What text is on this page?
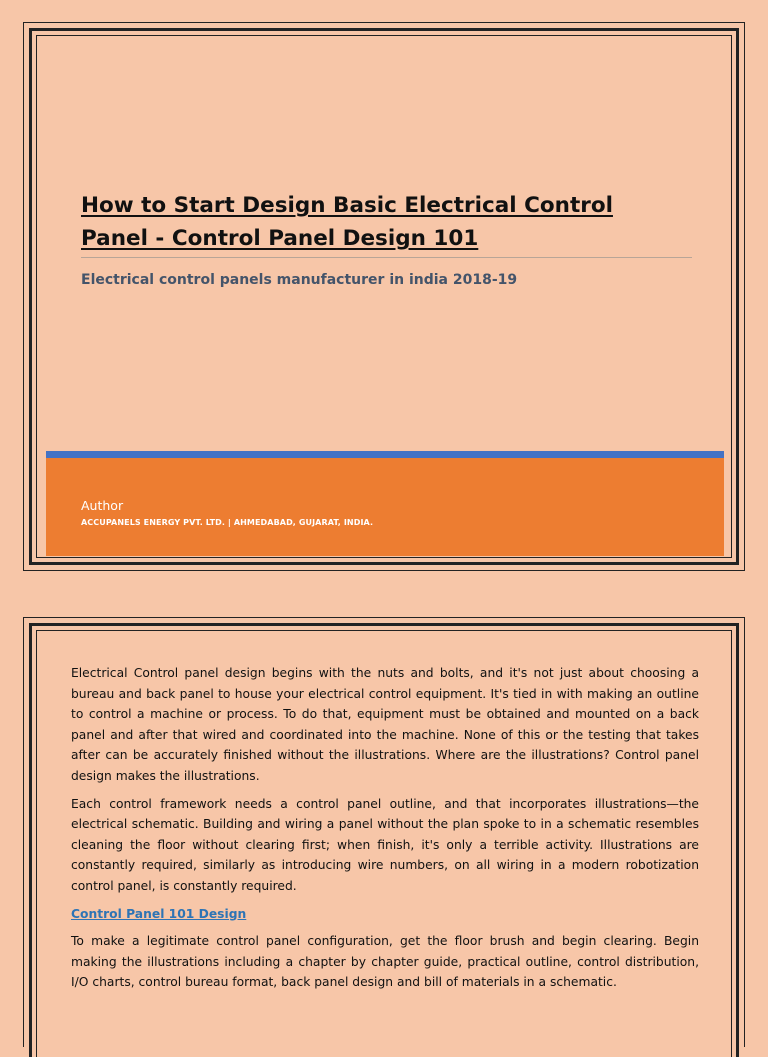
How to Start Design Basic Electrical Control Panel - Control Panel Design 101
Electrical control panels manufacturer in india 2018-19
Author
ACCUPANELS ENERGY PVT. LTD. | AHMEDABAD, GUJARAT, INDIA.

Electrical Control panel design begins with the nuts and bolts, and it's not just about choosing a bureau and back panel to house your electrical control equipment. It's tied in with making an outline to control a machine or process. To do that, equipment must be obtained and mounted on a back panel and after that wired and coordinated into the machine. None of this or the testing that takes after can be accurately finished without the illustrations. Where are the illustrations? Control panel design makes the illustrations.

Each control framework needs a control panel outline, and that incorporates illustrations—the electrical schematic. Building and wiring a panel without the plan spoke to in a schematic resembles cleaning the floor without clearing first; when finish, it's only a terrible activity. Illustrations are constantly required, similarly as introducing wire numbers, on all wiring in a modern robotization control panel, is constantly required.

Control Panel 101 Design

To make a legitimate control panel configuration, get the floor brush and begin clearing. Begin making the illustrations including a chapter by chapter guide, practical outline, control distribution, I/O charts, control bureau format, back panel design and bill of materials in a schematic.
